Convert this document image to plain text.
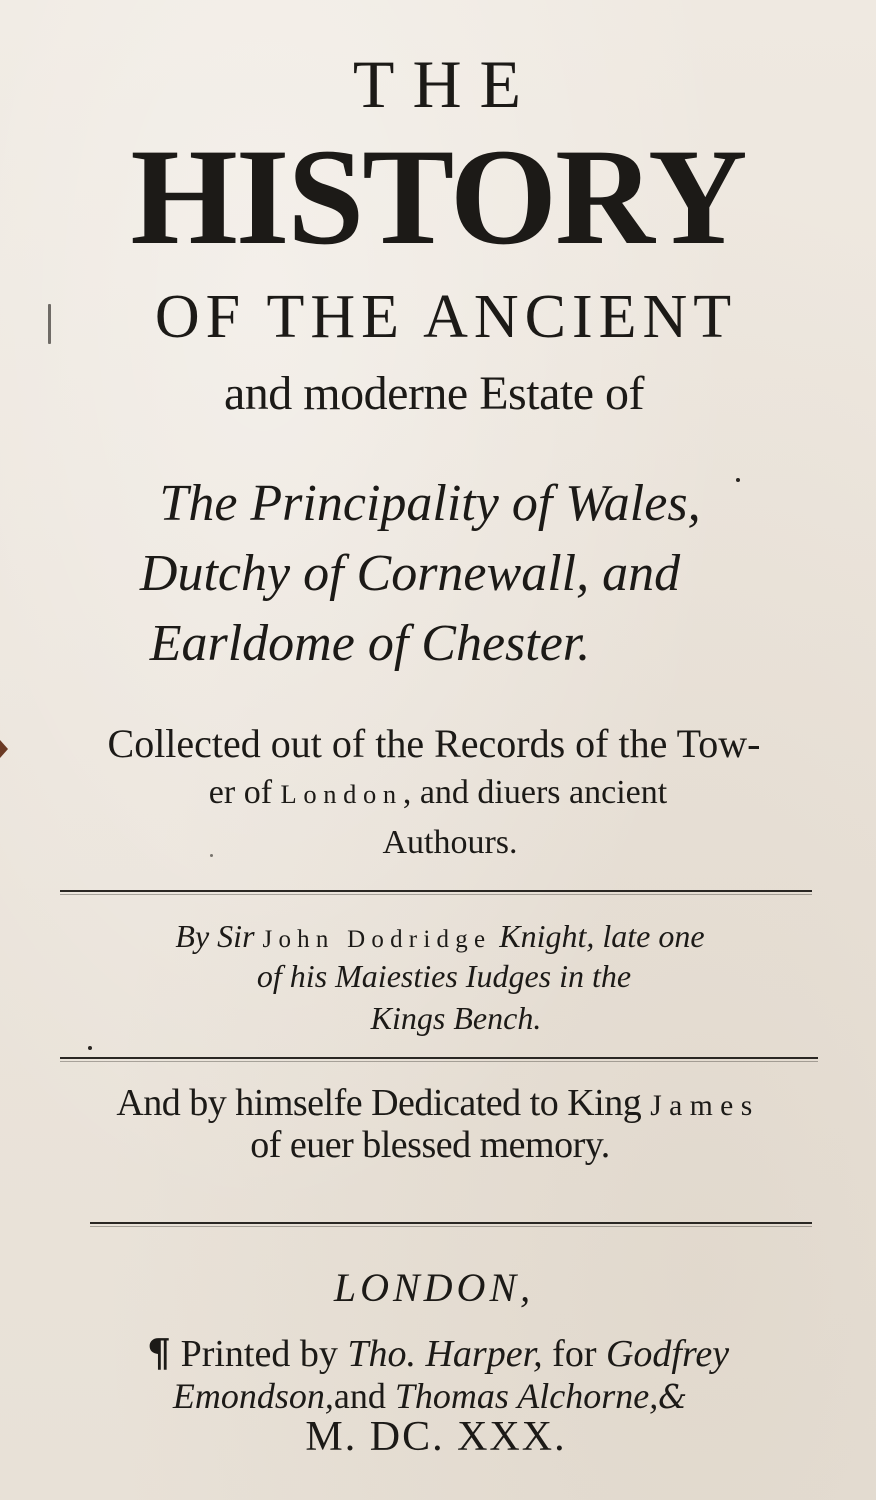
THE
HISTORY
OF THE ANCIENT
and moderne Estate of
The Principality of Wales,
Dutchy of Cornewall, and
Earldome of Chester.
Collected out of the Records of the Tow-
er of London, and diuers ancient
Authours.
By Sir John Dodridge Knight, late one
of his Maiesties Iudges in the
Kings Bench.
And by himselfe Dedicated to King James
of euer blessed memory.
LONDON,
¶ Printed by Tho. Harper, for Godfrey
Emondson,and Thomas Alchorne,&
M. DC. XXX.
